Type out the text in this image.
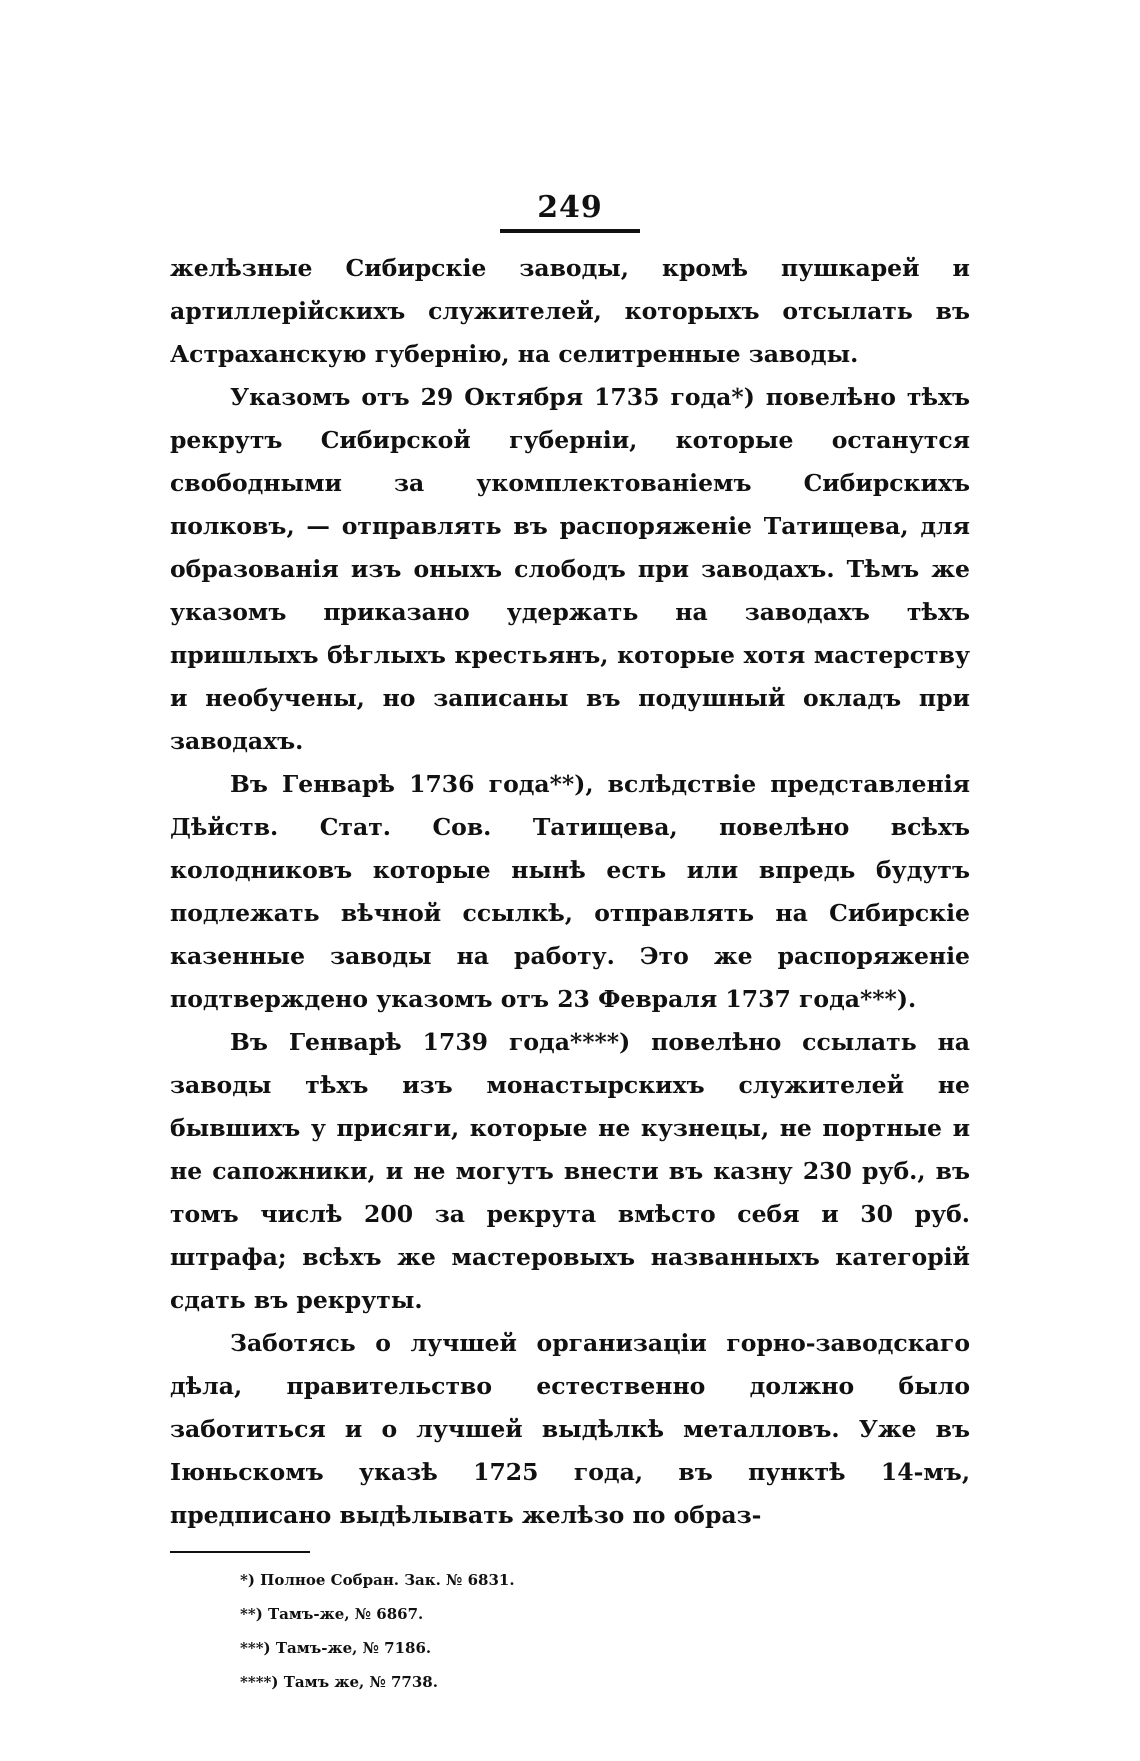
249

желѣзные Сибирскіе заводы, кромѣ пушкарей и артиллерійскихъ служителей, которыхъ отсылать въ Астраханскую губернію, на селитренные заводы.

Указомъ отъ 29 Октября 1735 года*) повелѣно тѣхъ рекрутъ Сибирской губерніи, которые останутся свободными за укомплектованіемъ Сибирскихъ полковъ, — отправлять въ распоряженіе Татищева, для образованія изъ оныхъ слободъ при заводахъ. Тѣмъ же указомъ приказано удержать на заводахъ тѣхъ пришлыхъ бѣглыхъ крестьянъ, которые хотя мастерству и необучены, но записаны въ подушный окладъ при заводахъ.

Въ Генварѣ 1736 года**), вслѣдствіе представленія Дѣйств. Стат. Сов. Татищева, повелѣно всѣхъ колодниковъ которые нынѣ есть или впредь будутъ подлежать вѣчной ссылкѣ, отправлять на Сибирскіе казенные заводы на работу. Это же распоряженіе подтверждено указомъ отъ 23 Февраля 1737 года***).

Въ Генварѣ 1739 года****) повелѣно ссылать на заводы тѣхъ изъ монастырскихъ служителей не бывшихъ у присяги, которые не кузнецы, не портные и не сапожники, и не могутъ внести въ казну 230 руб., въ томъ числѣ 200 за рекрута вмѣсто себя и 30 руб. штрафа; всѣхъ же мастеровыхъ названныхъ категорій сдать въ рекруты.

Заботясь о лучшей организаціи горно-заводскаго дѣла, правительство естественно должно было заботиться и о лучшей выдѣлкѣ металловъ. Уже въ Іюньскомъ указѣ 1725 года, въ пунктѣ 14-мъ, предписано выдѣлывать желѣзо по образ-

*) Полное Собран. Зак. № 6831.
**) Тамъ-же, № 6867.
***) Тамъ-же, № 7186.
****) Тамъ же, № 7738.
